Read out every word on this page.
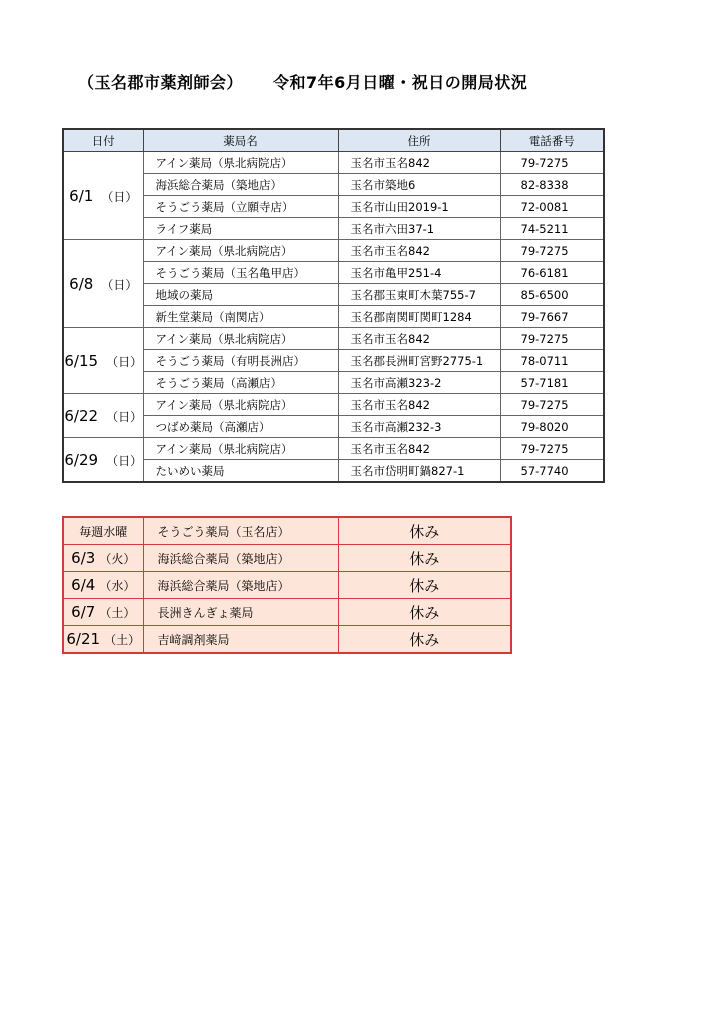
（玉名郡市薬剤師会） 令和7年6月日曜・祝日の開局状況
日付	薬局名	住所	電話番号
6/1 （日）	アイン薬局（県北病院店）	玉名市玉名842	79-7275
	海浜総合薬局（築地店）	玉名市築地6	82-8338
	そうごう薬局（立願寺店）	玉名市山田2019-1	72-0081
	ライフ薬局	玉名市六田37-1	74-5211
6/8 （日）	アイン薬局（県北病院店）	玉名市玉名842	79-7275
	そうごう薬局（玉名亀甲店）	玉名市亀甲251-4	76-6181
	地域の薬局	玉名郡玉東町木葉755-7	85-6500
	新生堂薬局（南関店）	玉名郡南関町関町1284	79-7667
6/15 （日）	アイン薬局（県北病院店）	玉名市玉名842	79-7275
	そうごう薬局（有明長洲店）	玉名郡長洲町宮野2775-1	78-0711
	そうごう薬局（高瀬店）	玉名市高瀬323-2	57-7181
6/22 （日）	アイン薬局（県北病院店）	玉名市玉名842	79-7275
	つばめ薬局（高瀬店）	玉名市高瀬232-3	79-8020
6/29 （日）	アイン薬局（県北病院店）	玉名市玉名842	79-7275
	たいめい薬局	玉名市岱明町鍋827-1	57-7740
毎週水曜	そうごう薬局（玉名店）	休み
6/3 （火）	海浜総合薬局（築地店）	休み
6/4 （水）	海浜総合薬局（築地店）	休み
6/7 （土）	長洲きんぎょ薬局	休み
6/21 （土）	吉﨑調剤薬局	休み
